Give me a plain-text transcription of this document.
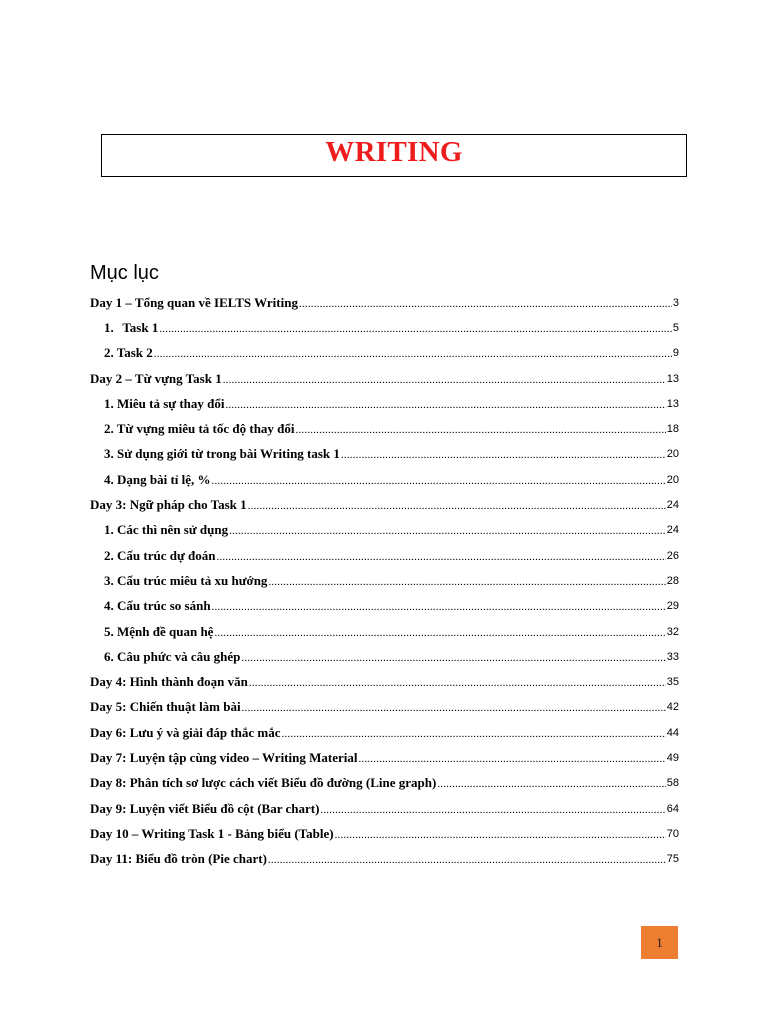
WRITING
Mục lục
Day 1 – Tổng quan về IELTS Writing .....	3
1. Task 1 .....	5
2. Task 2 .....	9
Day 2 – Từ vựng Task 1 .....	13
1. Miêu tả sự thay đổi .....	13
2. Từ vựng miêu tả tốc độ thay đổi .....	18
3. Sử dụng giới từ trong bài Writing task 1 .....	20
4. Dạng bài tỉ lệ, % .....	20
Day 3: Ngữ pháp cho Task 1 .....	24
1. Các thì nên sử dụng .....	24
2. Cấu trúc dự đoán .....	26
3. Cấu trúc miêu tả xu hướng .....	28
4. Cấu trúc so sánh .....	29
5. Mệnh đề quan hệ .....	32
6. Câu phức và câu ghép .....	33
Day 4: Hình thành đoạn văn .....	35
Day 5: Chiến thuật làm bài .....	42
Day 6: Lưu ý và giải đáp thắc mắc .....	44
Day 7: Luyện tập cùng video – Writing Material .....	49
Day 8: Phân tích sơ lược cách viết Biểu đồ đường (Line graph) .....	58
Day 9: Luyện viết Biểu đồ cột (Bar chart) .....	64
Day 10 – Writing Task 1 - Bảng biểu (Table) .....	70
Day 11: Biểu đồ tròn (Pie chart) .....	75
1
